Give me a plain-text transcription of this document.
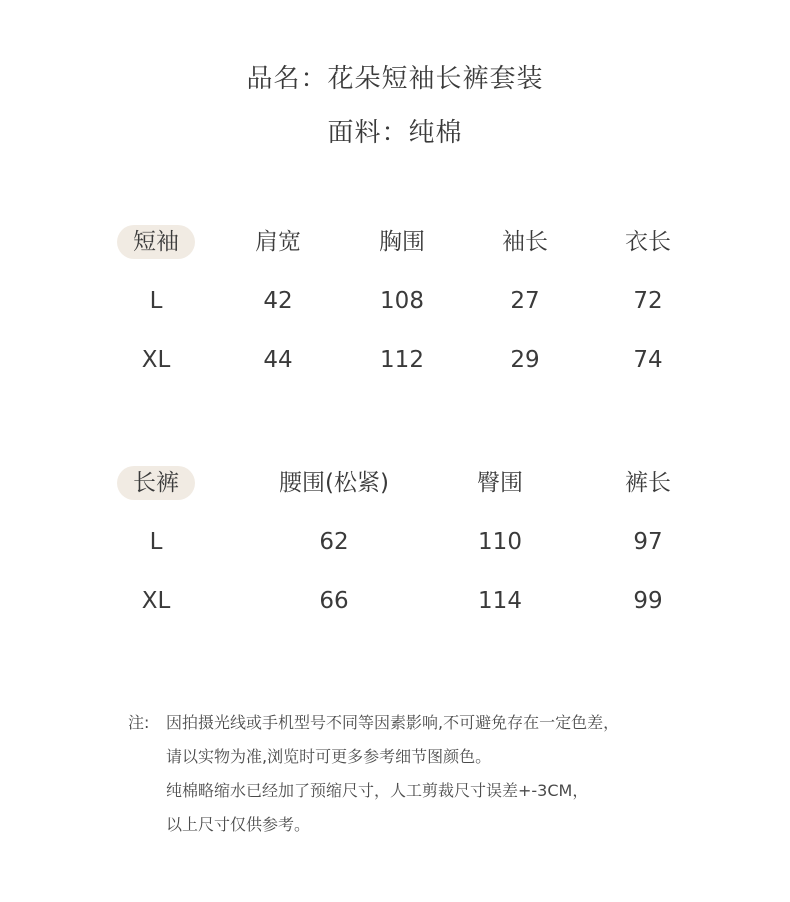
品名：花朵短袖长裤套装
面料：纯棉
短袖	肩宽	胸围	袖长	衣长
L	42	108	27	72
XL	44	112	29	74
长裤	腰围(松紧)	臀围	裤长
L	62	110	97
XL	66	114	99
注: 因拍摄光线或手机型号不同等因素影响,不可避免存在一定色差，
请以实物为准,浏览时可更多参考细节图颜色。
纯棉略缩水已经加了预缩尺寸，人工剪裁尺寸误差+-3CM，
以上尺寸仅供参考。
